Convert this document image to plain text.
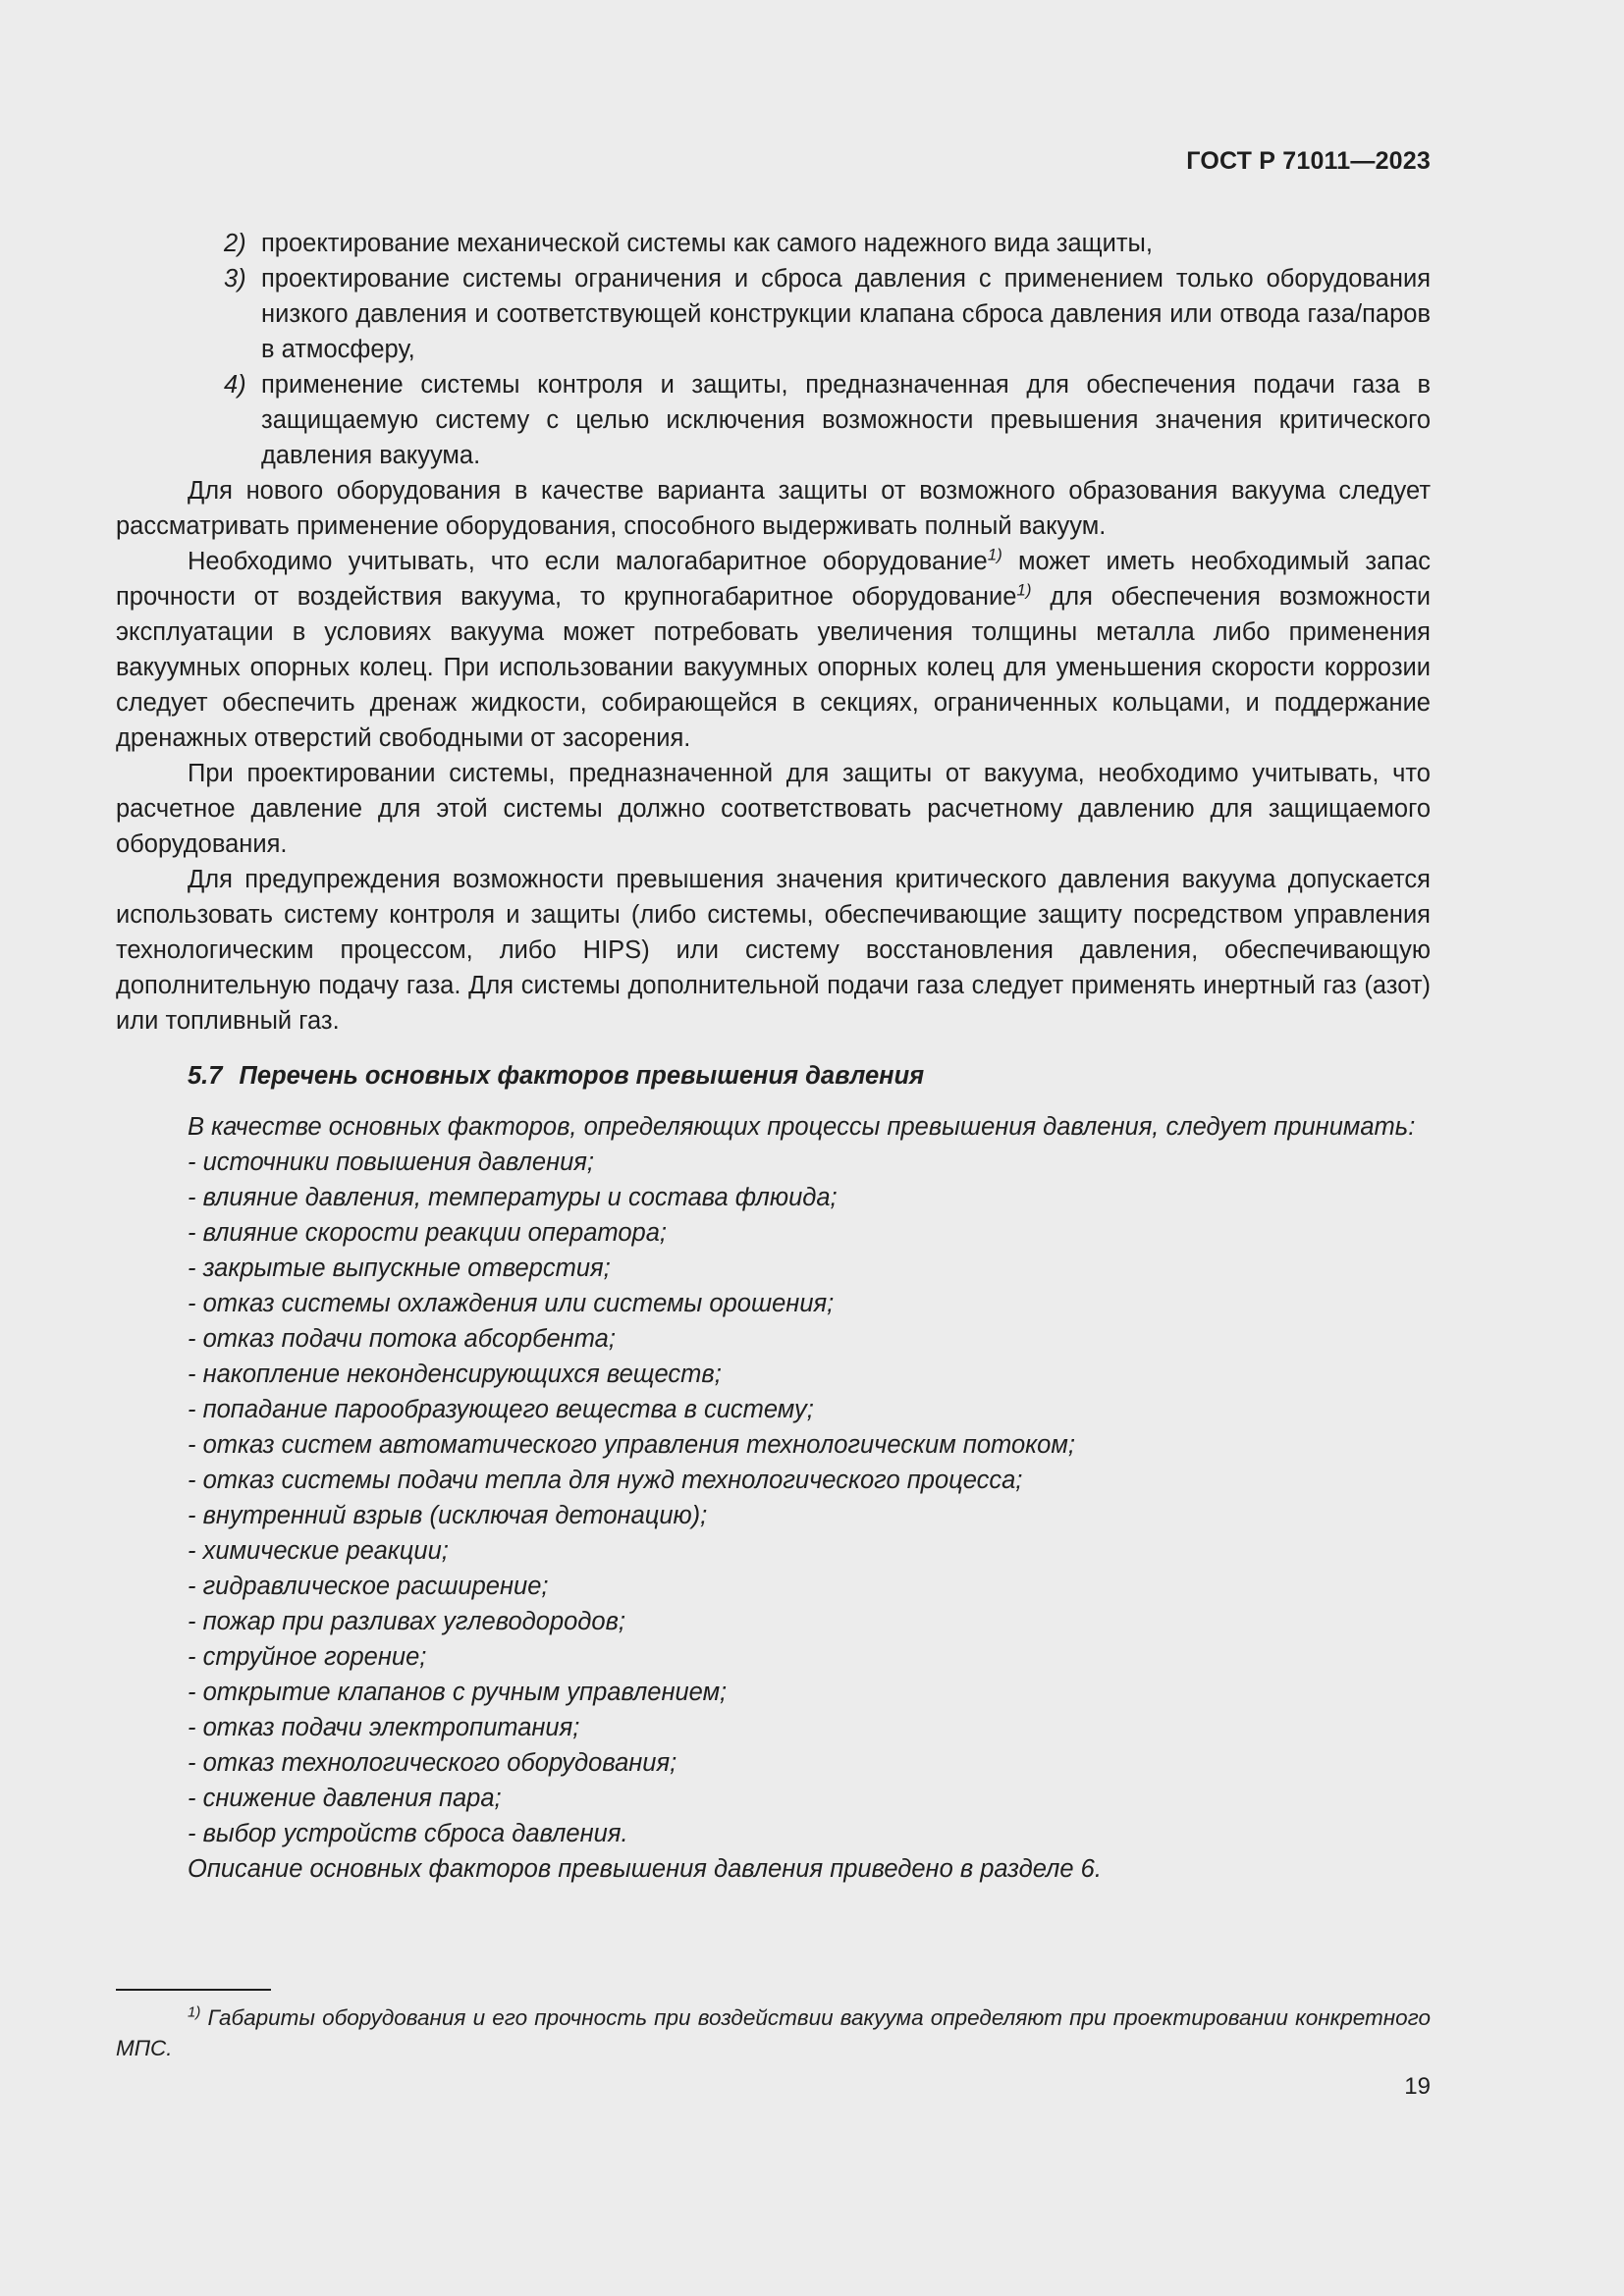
ГОСТ Р 71011—2023
2) проектирование механической системы как самого надежного вида защиты,
3) проектирование системы ограничения и сброса давления с применением только оборудования низкого давления и соответствующей конструкции клапана сброса давления или отвода газа/паров в атмосферу,
4) применение системы контроля и защиты, предназначенная для обеспечения подачи газа в защищаемую систему с целью исключения возможности превышения значения критического давления вакуума.

Для нового оборудования в качестве варианта защиты от возможного образования вакуума следует рассматривать применение оборудования, способного выдерживать полный вакуум.

Необходимо учитывать, что если малогабаритное оборудование$^{1)}$ может иметь необходимый запас прочности от воздействия вакуума, то крупногабаритное оборудование$^{1)}$ для обеспечения возможности эксплуатации в условиях вакуума может потребовать увеличения толщины металла либо применения вакуумных опорных колец. При использовании вакуумных опорных колец для уменьшения скорости коррозии следует обеспечить дренаж жидкости, собирающейся в секциях, ограниченных кольцами, и поддержание дренажных отверстий свободными от засорения.

При проектировании системы, предназначенной для защиты от вакуума, необходимо учитывать, что расчетное давление для этой системы должно соответствовать расчетному давлению для защищаемого оборудования.

Для предупреждения возможности превышения значения критического давления вакуума допускается использовать систему контроля и защиты (либо системы, обеспечивающие защиту посредством управления технологическим процессом, либо HIPS) или систему восстановления давления, обеспечивающую дополнительную подачу газа. Для системы дополнительной подачи газа следует применять инертный газ (азот) или топливный газ.

5.7 Перечень основных факторов превышения давления

В качестве основных факторов, определяющих процессы превышения давления, следует принимать:

- источники повышения давления;
- влияние давления, температуры и состава флюида;
- влияние скорости реакции оператора;
- закрытые выпускные отверстия;
- отказ системы охлаждения или системы орошения;
- отказ подачи потока абсорбента;
- накопление неконденсирующихся веществ;
- попадание парообразующего вещества в систему;
- отказ систем автоматического управления технологическим потоком;
- отказ системы подачи тепла для нужд технологического процесса;
- внутренний взрыв (исключая детонацию);
- химические реакции;
- гидравлическое расширение;
- пожар при разливах углеводородов;
- струйное горение;
- открытие клапанов с ручным управлением;
- отказ подачи электропитания;
- отказ технологического оборудования;
- снижение давления пара;
- выбор устройств сброса давления.
Описание основных факторов превышения давления приведено в разделе 6.
$^{1)}$ Габариты оборудования и его прочность при воздействии вакуума определяют при проектировании конкретного МПС.
19
